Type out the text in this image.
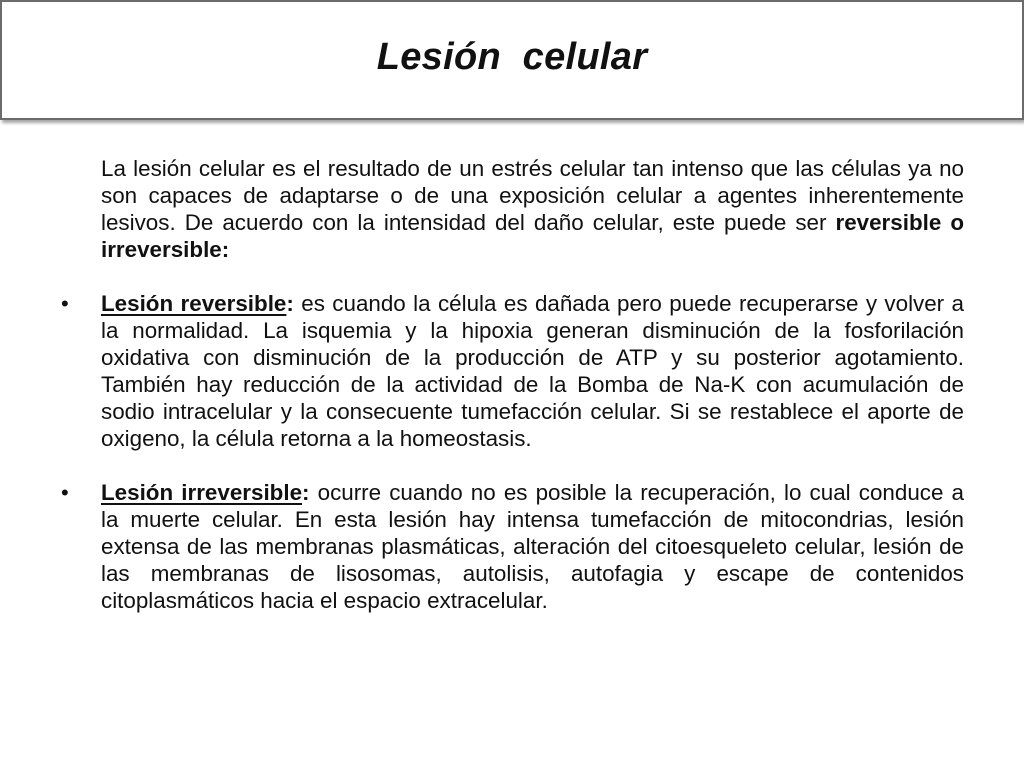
Lesión  celular

La lesión celular es el resultado de un estrés celular tan intenso que las células ya no son capaces de adaptarse o de una exposición celular a agentes inherentemente lesivos. De acuerdo con la intensidad del daño celular, este puede ser reversible o irreversible:

• Lesión reversible: es cuando la célula es dañada pero puede recuperarse y volver a la normalidad. La isquemia y la hipoxia generan disminución de la fosforilación oxidativa con disminución de la producción de ATP y su posterior agotamiento. También hay reducción de la actividad de la Bomba de Na-K con acumulación de sodio intracelular y la consecuente tumefacción celular. Si se restablece el aporte de oxigeno, la célula retorna a la homeostasis.

• Lesión irreversible: ocurre cuando no es posible la recuperación, lo cual conduce a la muerte celular. En esta lesión hay intensa tumefacción de mitocondrias, lesión extensa de las membranas plasmáticas, alteración del citoesqueleto celular, lesión de las membranas de lisosomas, autolisis, autofagia y escape de contenidos citoplasmáticos hacia el espacio extracelular.
